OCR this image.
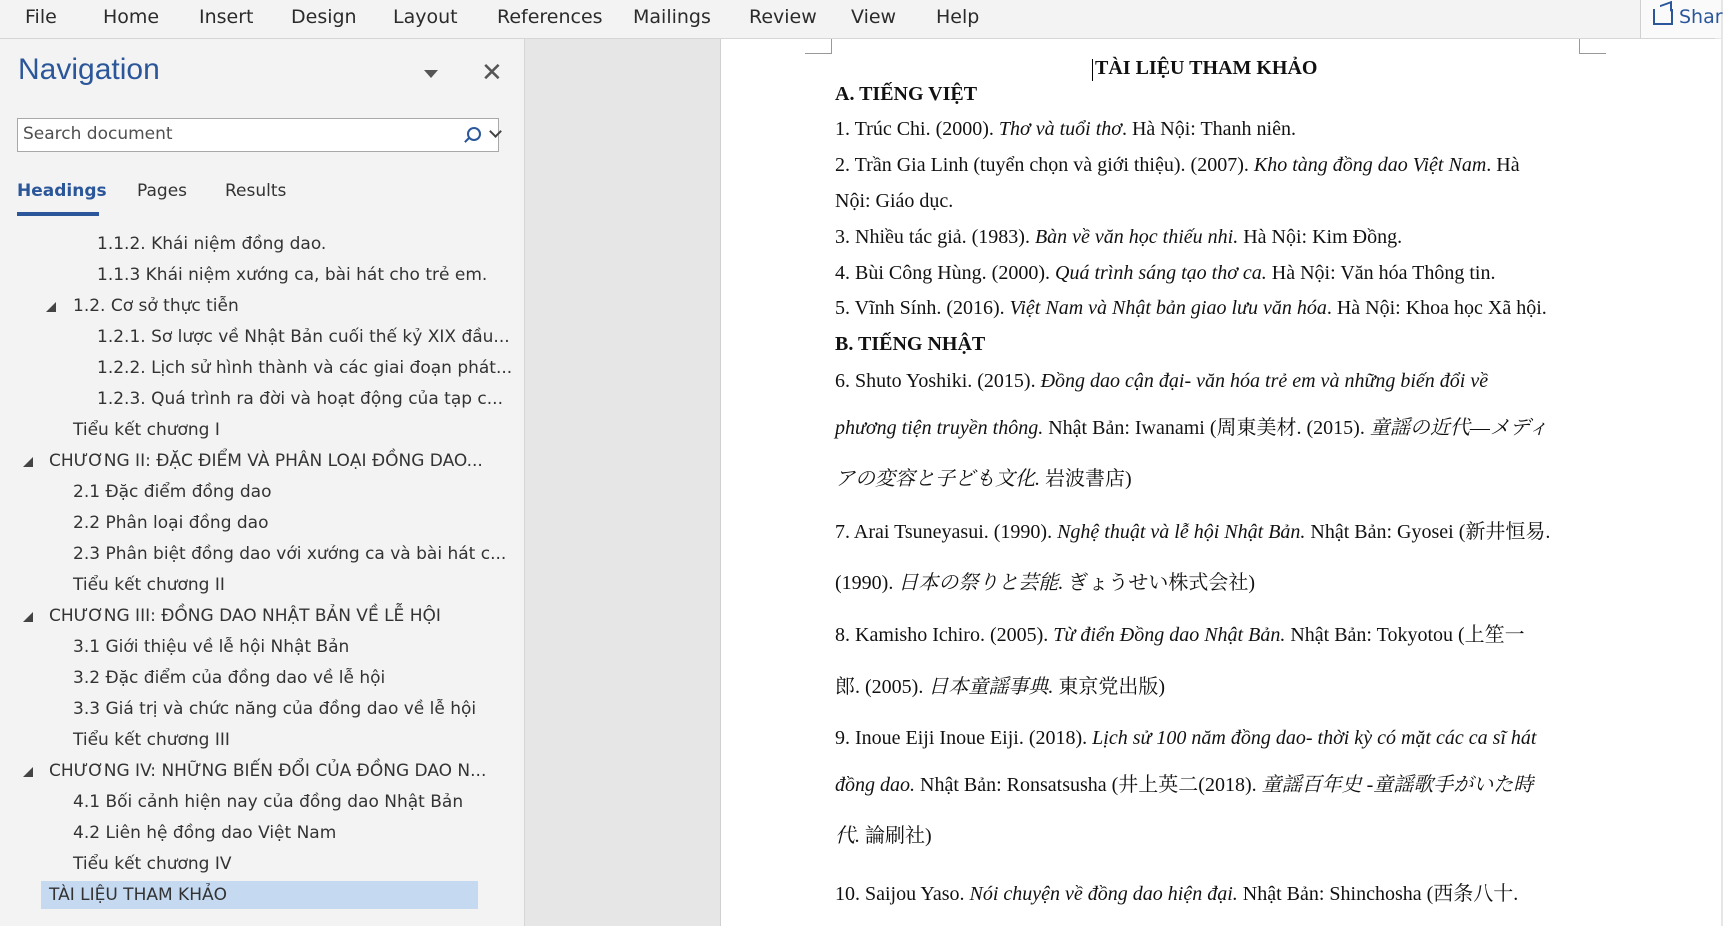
File Home Insert Design Layout References Mailings Review View Help	Shar
Navigation	✕
Search document
Headings Pages Results
1.1.2. Khái niệm đồng dao.
1.1.3 Khái niệm xướng ca, bài hát cho trẻ em.
1.2. Cơ sở thực tiễn
1.2.1. Sơ lược về Nhật Bản cuối thế kỷ XIX đầu...
1.2.2. Lịch sử hình thành và các giai đoạn phát...
1.2.3. Quá trình ra đời và hoạt động của tạp c...
Tiểu kết chương I
CHƯƠNG II: ĐẶC ĐIỂM VÀ PHÂN LOẠI ĐỒNG DAO...
2.1 Đặc điểm đồng dao
2.2 Phân loại đồng dao
2.3 Phân biệt đồng dao với xướng ca và bài hát c...
Tiểu kết chương II
CHƯƠNG III: ĐỒNG DAO NHẬT BẢN VỀ LỄ HỘI
3.1 Giới thiệu về lễ hội Nhật Bản
3.2 Đặc điểm của đồng dao về lễ hội
3.3 Giá trị và chức năng của đồng dao về lễ hội
Tiểu kết chương III
CHƯƠNG IV: NHỮNG BIẾN ĐỔI CỦA ĐỒNG DAO N...
4.1 Bối cảnh hiện nay của đồng dao Nhật Bản
4.2 Liên hệ đồng dao Việt Nam
Tiểu kết chương IV
TÀI LIỆU THAM KHẢO
TÀI LIỆU THAM KHẢO
A. TIẾNG VIỆT
1. Trúc Chi. (2000). Thơ và tuổi thơ. Hà Nội: Thanh niên.
2. Trần Gia Linh (tuyển chọn và giới thiệu). (2007). Kho tàng đồng dao Việt Nam. Hà
Nội: Giáo dục.
3. Nhiều tác giả. (1983). Bàn về văn học thiếu nhi. Hà Nội: Kim Đồng.
4. Bùi Công Hùng. (2000). Quá trình sáng tạo thơ ca. Hà Nội: Văn hóa Thông tin.
5. Vĩnh Sính. (2016). Việt Nam và Nhật bản giao lưu văn hóa. Hà Nội: Khoa học Xã hội.
B. TIẾNG NHẬT
6. Shuto Yoshiki. (2015). Đồng dao cận đại- văn hóa trẻ em và những biến đổi về
phương tiện truyền thông. Nhật Bản: Iwanami (周東美材. (2015). 童謡の近代―メディ
アの変容と子ども文化. 岩波書店)
7. Arai Tsuneyasui. (1990). Nghệ thuật và lễ hội Nhật Bản. Nhật Bản: Gyosei (新井恒易.
(1990). 日本の祭りと芸能. ぎょうせい株式会社)
8. Kamisho Ichiro. (2005). Từ điển Đồng dao Nhật Bản. Nhật Bản: Tokyotou (上笙一
郎. (2005). 日本童謡事典. 東京党出版)
9. Inoue Eiji Inoue Eiji. (2018). Lịch sử 100 năm đồng dao- thời kỳ có mặt các ca sĩ hát
đồng dao. Nhật Bản: Ronsatsusha (井上英二(2018). 童謡百年史 -童謡歌手がいた時
代. 論刷社)
10. Saijou Yaso. Nói chuyện về đồng dao hiện đại. Nhật Bản: Shinchosha (西条八十.
